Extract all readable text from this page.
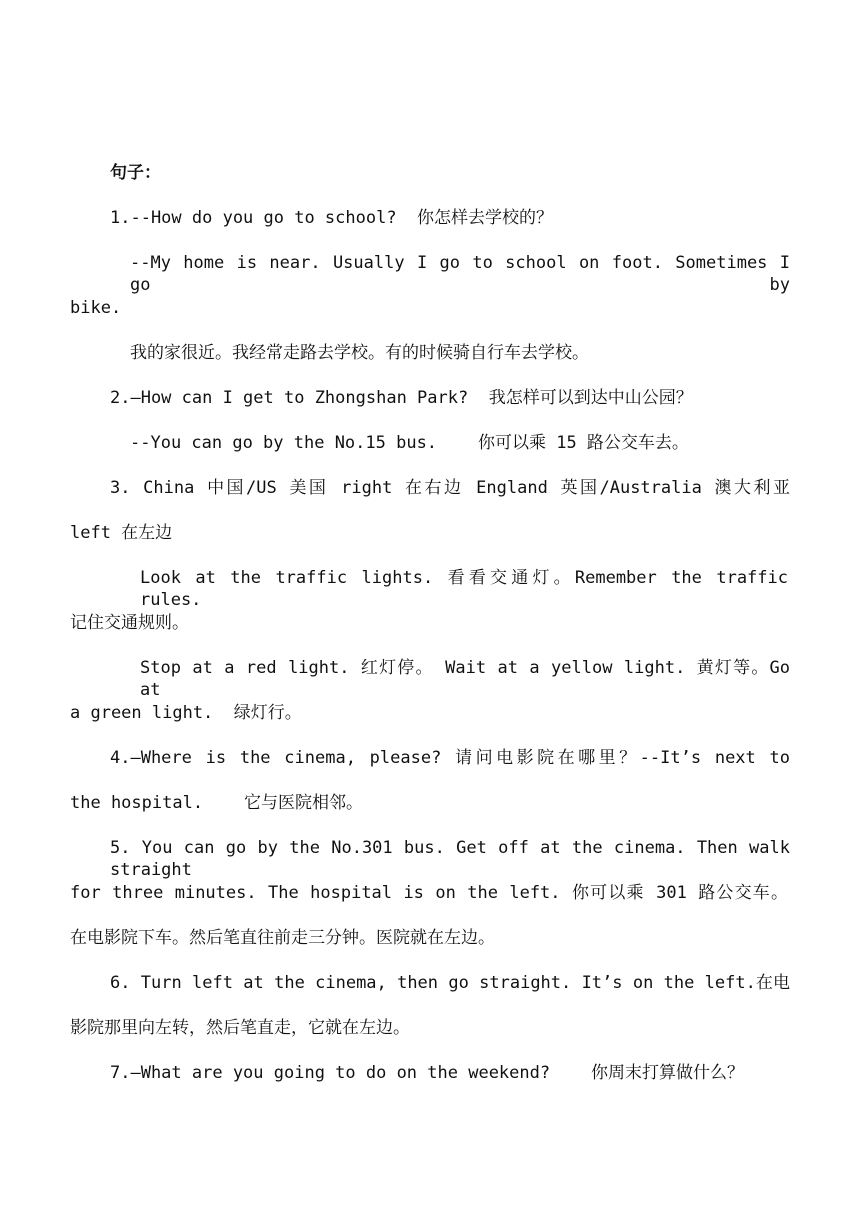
句子：
1.--How do you go to school?  你怎样去学校的？
--My home is near. Usually I go to school on foot. Sometimes I go by
bike.
我的家很近。我经常走路去学校。有的时候骑自行车去学校。
2.—How can I get to Zhongshan Park?  我怎样可以到达中山公园？
--You can go by the No.15 bus.    你可以乘 15 路公交车去。
3. China 中国/US 美国 right 在右边 England 英国/Australia 澳大利亚
left 在左边
Look at the traffic lights. 看看交通灯。Remember the traffic rules.
记住交通规则。
Stop at a red light. 红灯停。 Wait at a yellow light. 黄灯等。Go at
a green light.  绿灯行。
4.—Where is the cinema, please? 请问电影院在哪里？--It’s next to
the hospital.    它与医院相邻。
5. You can go by the No.301 bus. Get off at the cinema. Then walk straight
for three minutes. The hospital is on the left. 你可以乘 301 路公交车。
在电影院下车。然后笔直往前走三分钟。医院就在左边。
6. Turn left at the cinema, then go straight. It’s on the left.在电
影院那里向左转，然后笔直走，它就在左边。
7.—What are you going to do on the weekend?    你周末打算做什么？
